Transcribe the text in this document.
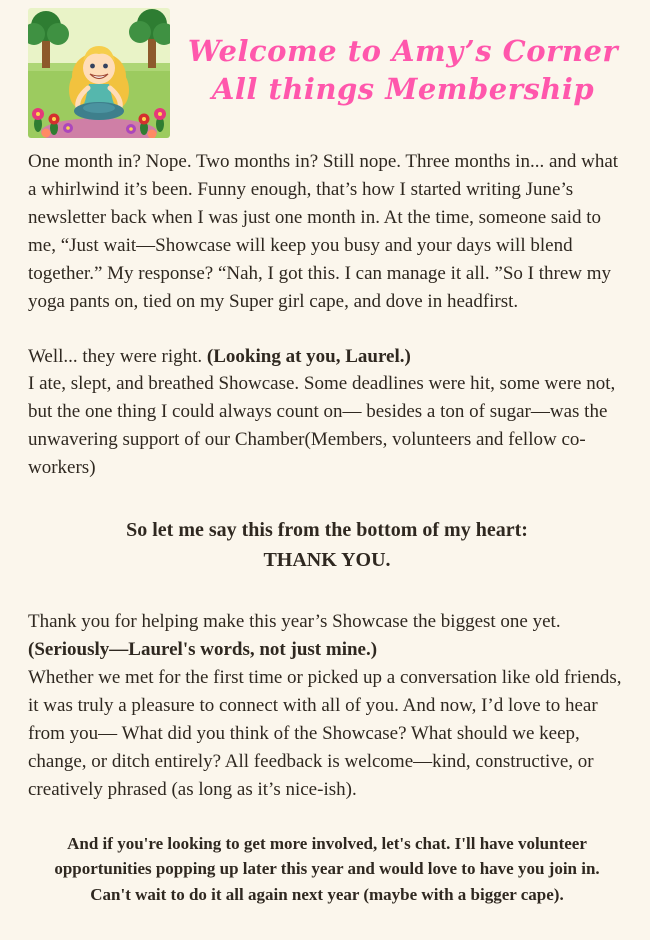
Welcome to Amy’s Corner
All things Membership

One month in? Nope. Two months in? Still nope. Three months in... and what a whirlwind it’s been. Funny enough, that’s how I started writing June’s newsletter back when I was just one month in. At the time, someone said to me, “Just wait—Showcase will keep you busy and your days will blend together.” My response? “Nah, I got this. I can manage it all. ”So I threw my yoga pants on, tied on my Super girl cape, and dove in headfirst.

Well... they were right. (Looking at you, Laurel.)
I ate, slept, and breathed Showcase. Some deadlines were hit, some were not, but the one thing I could always count on— besides a ton of sugar—was the unwavering support of our Chamber(Members, volunteers and fellow co- workers)

So let me say this from the bottom of my heart:
THANK YOU.

Thank you for helping make this year’s Showcase the biggest one yet. (Seriously—Laurel's words, not just mine.)
Whether we met for the first time or picked up a conversation like old friends, it was truly a pleasure to connect with all of you. And now, I’d love to hear from you— What did you think of the Showcase? What should we keep, change, or ditch entirely? All feedback is welcome—kind, constructive, or creatively phrased (as long as it’s nice-ish).

And if you're looking to get more involved, let's chat. I'll have volunteer opportunities popping up later this year and would love to have you join in. Can't wait to do it all again next year (maybe with a bigger cape).
